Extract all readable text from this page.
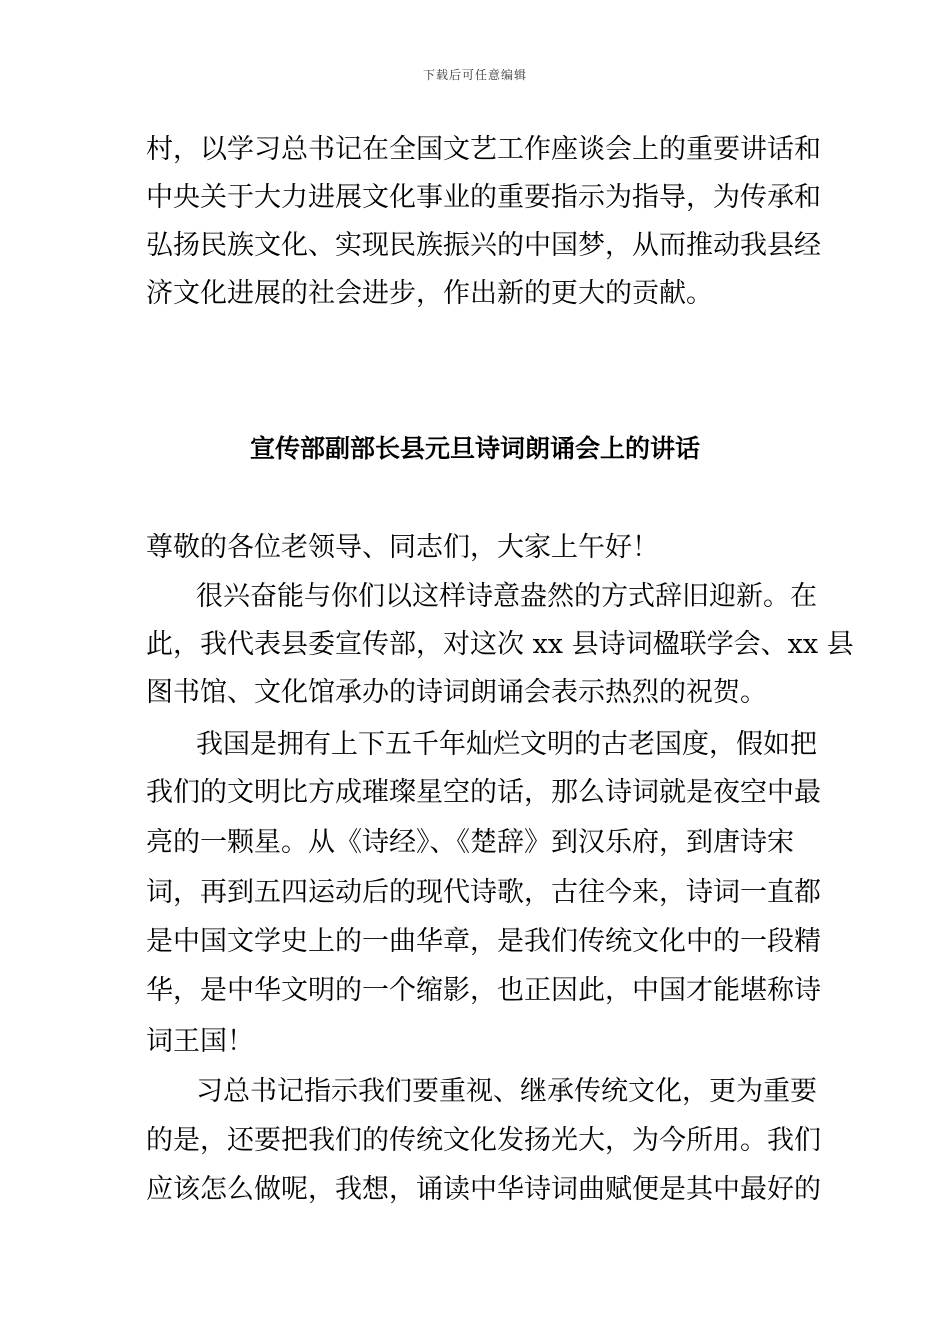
下载后可任意编辑
村，以学习总书记在全国文艺工作座谈会上的重要讲话和
中央关于大力进展文化事业的重要指示为指导，为传承和
弘扬民族文化、实现民族振兴的中国梦，从而推动我县经
济文化进展的社会进步，作出新的更大的贡献。
宣传部副部长县元旦诗词朗诵会上的讲话
尊敬的各位老领导、同志们，大家上午好！
很兴奋能与你们以这样诗意盎然的方式辞旧迎新。在
此，我代表县委宣传部，对这次 xx 县诗词楹联学会、xx 县
图书馆、文化馆承办的诗词朗诵会表示热烈的祝贺。
我国是拥有上下五千年灿烂文明的古老国度，假如把
我们的文明比方成璀璨星空的话，那么诗词就是夜空中最
亮的一颗星。从《诗经》、《楚辞》到汉乐府，到唐诗宋
词，再到五四运动后的现代诗歌，古往今来，诗词一直都
是中国文学史上的一曲华章，是我们传统文化中的一段精
华，是中华文明的一个缩影，也正因此，中国才能堪称诗
词王国！
习总书记指示我们要重视、继承传统文化，更为重要
的是，还要把我们的传统文化发扬光大，为今所用。我们
应该怎么做呢，我想，诵读中华诗词曲赋便是其中最好的
